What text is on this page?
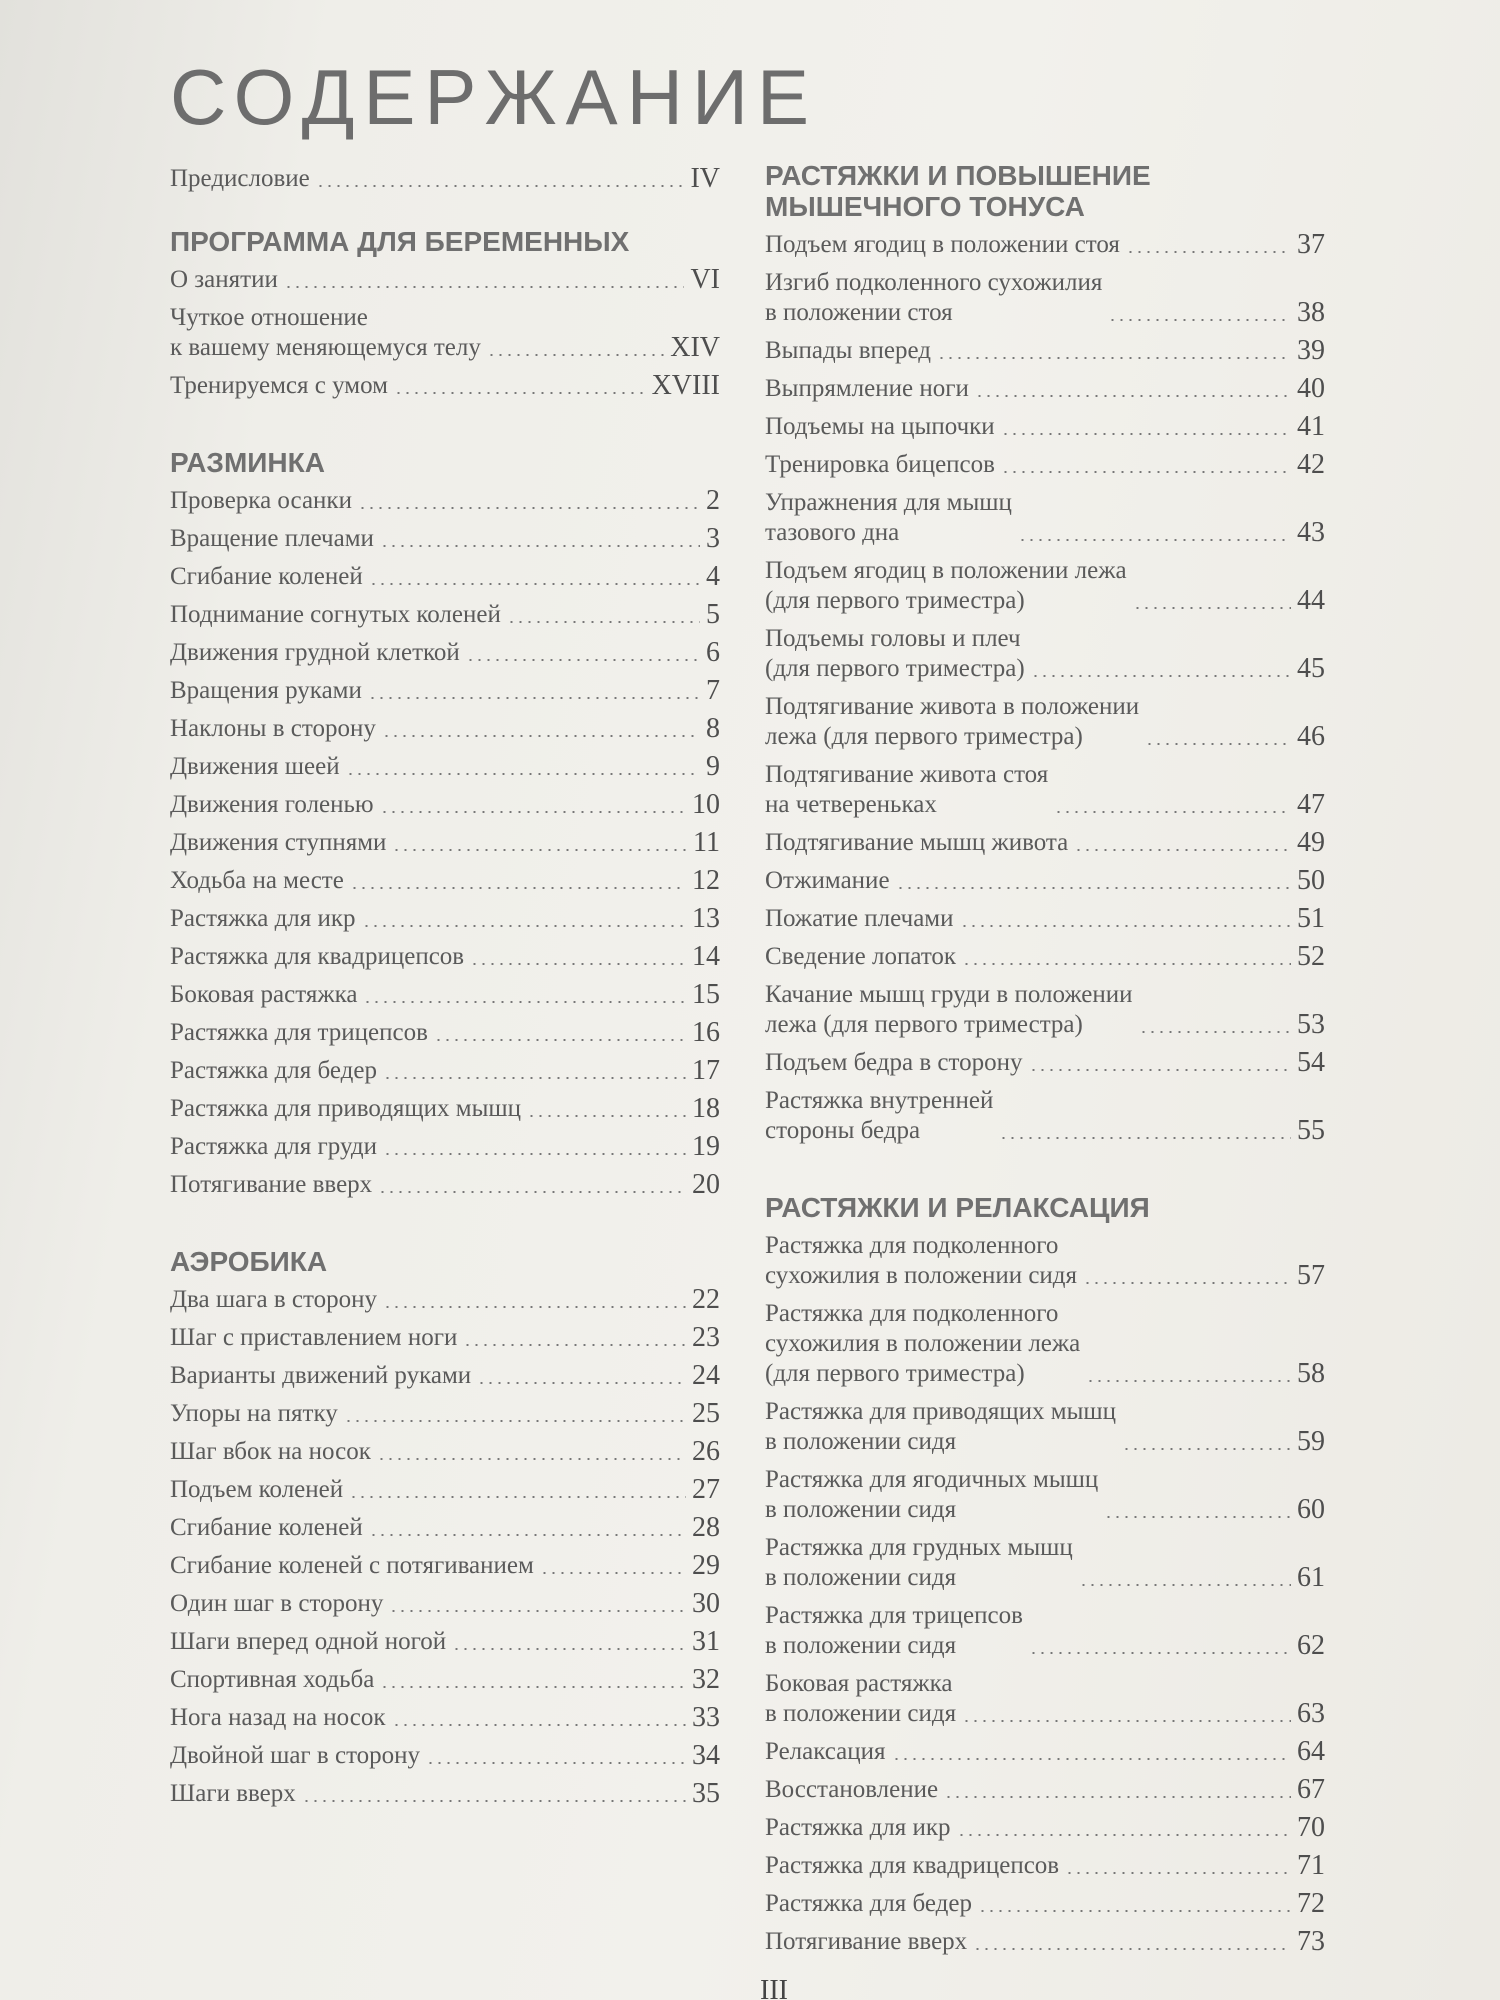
СОДЕРЖАНИЕ
Предисловие	IV
ПРОГРАММА ДЛЯ БЕРЕМЕННЫХ
О занятии	VI
Чуткое отношение
к вашему меняющемуся телу	XIV
Тренируемся с умом	XVIII
РАЗМИНКА
Проверка осанки	2
Вращение плечами	3
Сгибание коленей	4
Поднимание согнутых коленей	5
Движения грудной клеткой	6
Вращения руками	7
Наклоны в сторону	8
Движения шеей	9
Движения голенью	10
Движения ступнями	11
Ходьба на месте	12
Растяжка для икр	13
Растяжка для квадрицепсов	14
Боковая растяжка	15
Растяжка для трицепсов	16
Растяжка для бедер	17
Растяжка для приводящих мышц	18
Растяжка для груди	19
Потягивание вверх	20
АЭРОБИКА
Два шага в сторону	22
Шаг с приставлением ноги	23
Варианты движений руками	24
Упоры на пятку	25
Шаг вбок на носок	26
Подъем коленей	27
Сгибание коленей	28
Сгибание коленей с потягиванием	29
Один шаг в сторону	30
Шаги вперед одной ногой	31
Спортивная ходьба	32
Нога назад на носок	33
Двойной шаг в сторону	34
Шаги вверх	35
РАСТЯЖКИ И ПОВЫШЕНИЕ
МЫШЕЧНОГО ТОНУСА
Подъем ягодиц в положении стоя	37
Изгиб подколенного сухожилия
в положении стоя	38
Выпады вперед	39
Выпрямление ноги	40
Подъемы на цыпочки	41
Тренировка бицепсов	42
Упражнения для мышц
тазового дна	43
Подъем ягодиц в положении лежа
(для первого триместра)	44
Подъемы головы и плеч
(для первого триместра)	45
Подтягивание живота в положении
лежа (для первого триместра)	46
Подтягивание живота стоя
на четвереньках	47
Подтягивание мышц живота	49
Отжимание	50
Пожатие плечами	51
Сведение лопаток	52
Качание мышц груди в положении
лежа (для первого триместра)	53
Подъем бедра в сторону	54
Растяжка внутренней
стороны бедра	55
РАСТЯЖКИ И РЕЛАКСАЦИЯ
Растяжка для подколенного
сухожилия в положении сидя	57
Растяжка для подколенного
сухожилия в положении лежа
(для первого триместра)	58
Растяжка для приводящих мышц
в положении сидя	59
Растяжка для ягодичных мышц
в положении сидя	60
Растяжка для грудных мышц
в положении сидя	61
Растяжка для трицепсов
в положении сидя	62
Боковая растяжка
в положении сидя	63
Релаксация	64
Восстановление	67
Растяжка для икр	70
Растяжка для квадрицепсов	71
Растяжка для бедер	72
Потягивание вверх	73
III
